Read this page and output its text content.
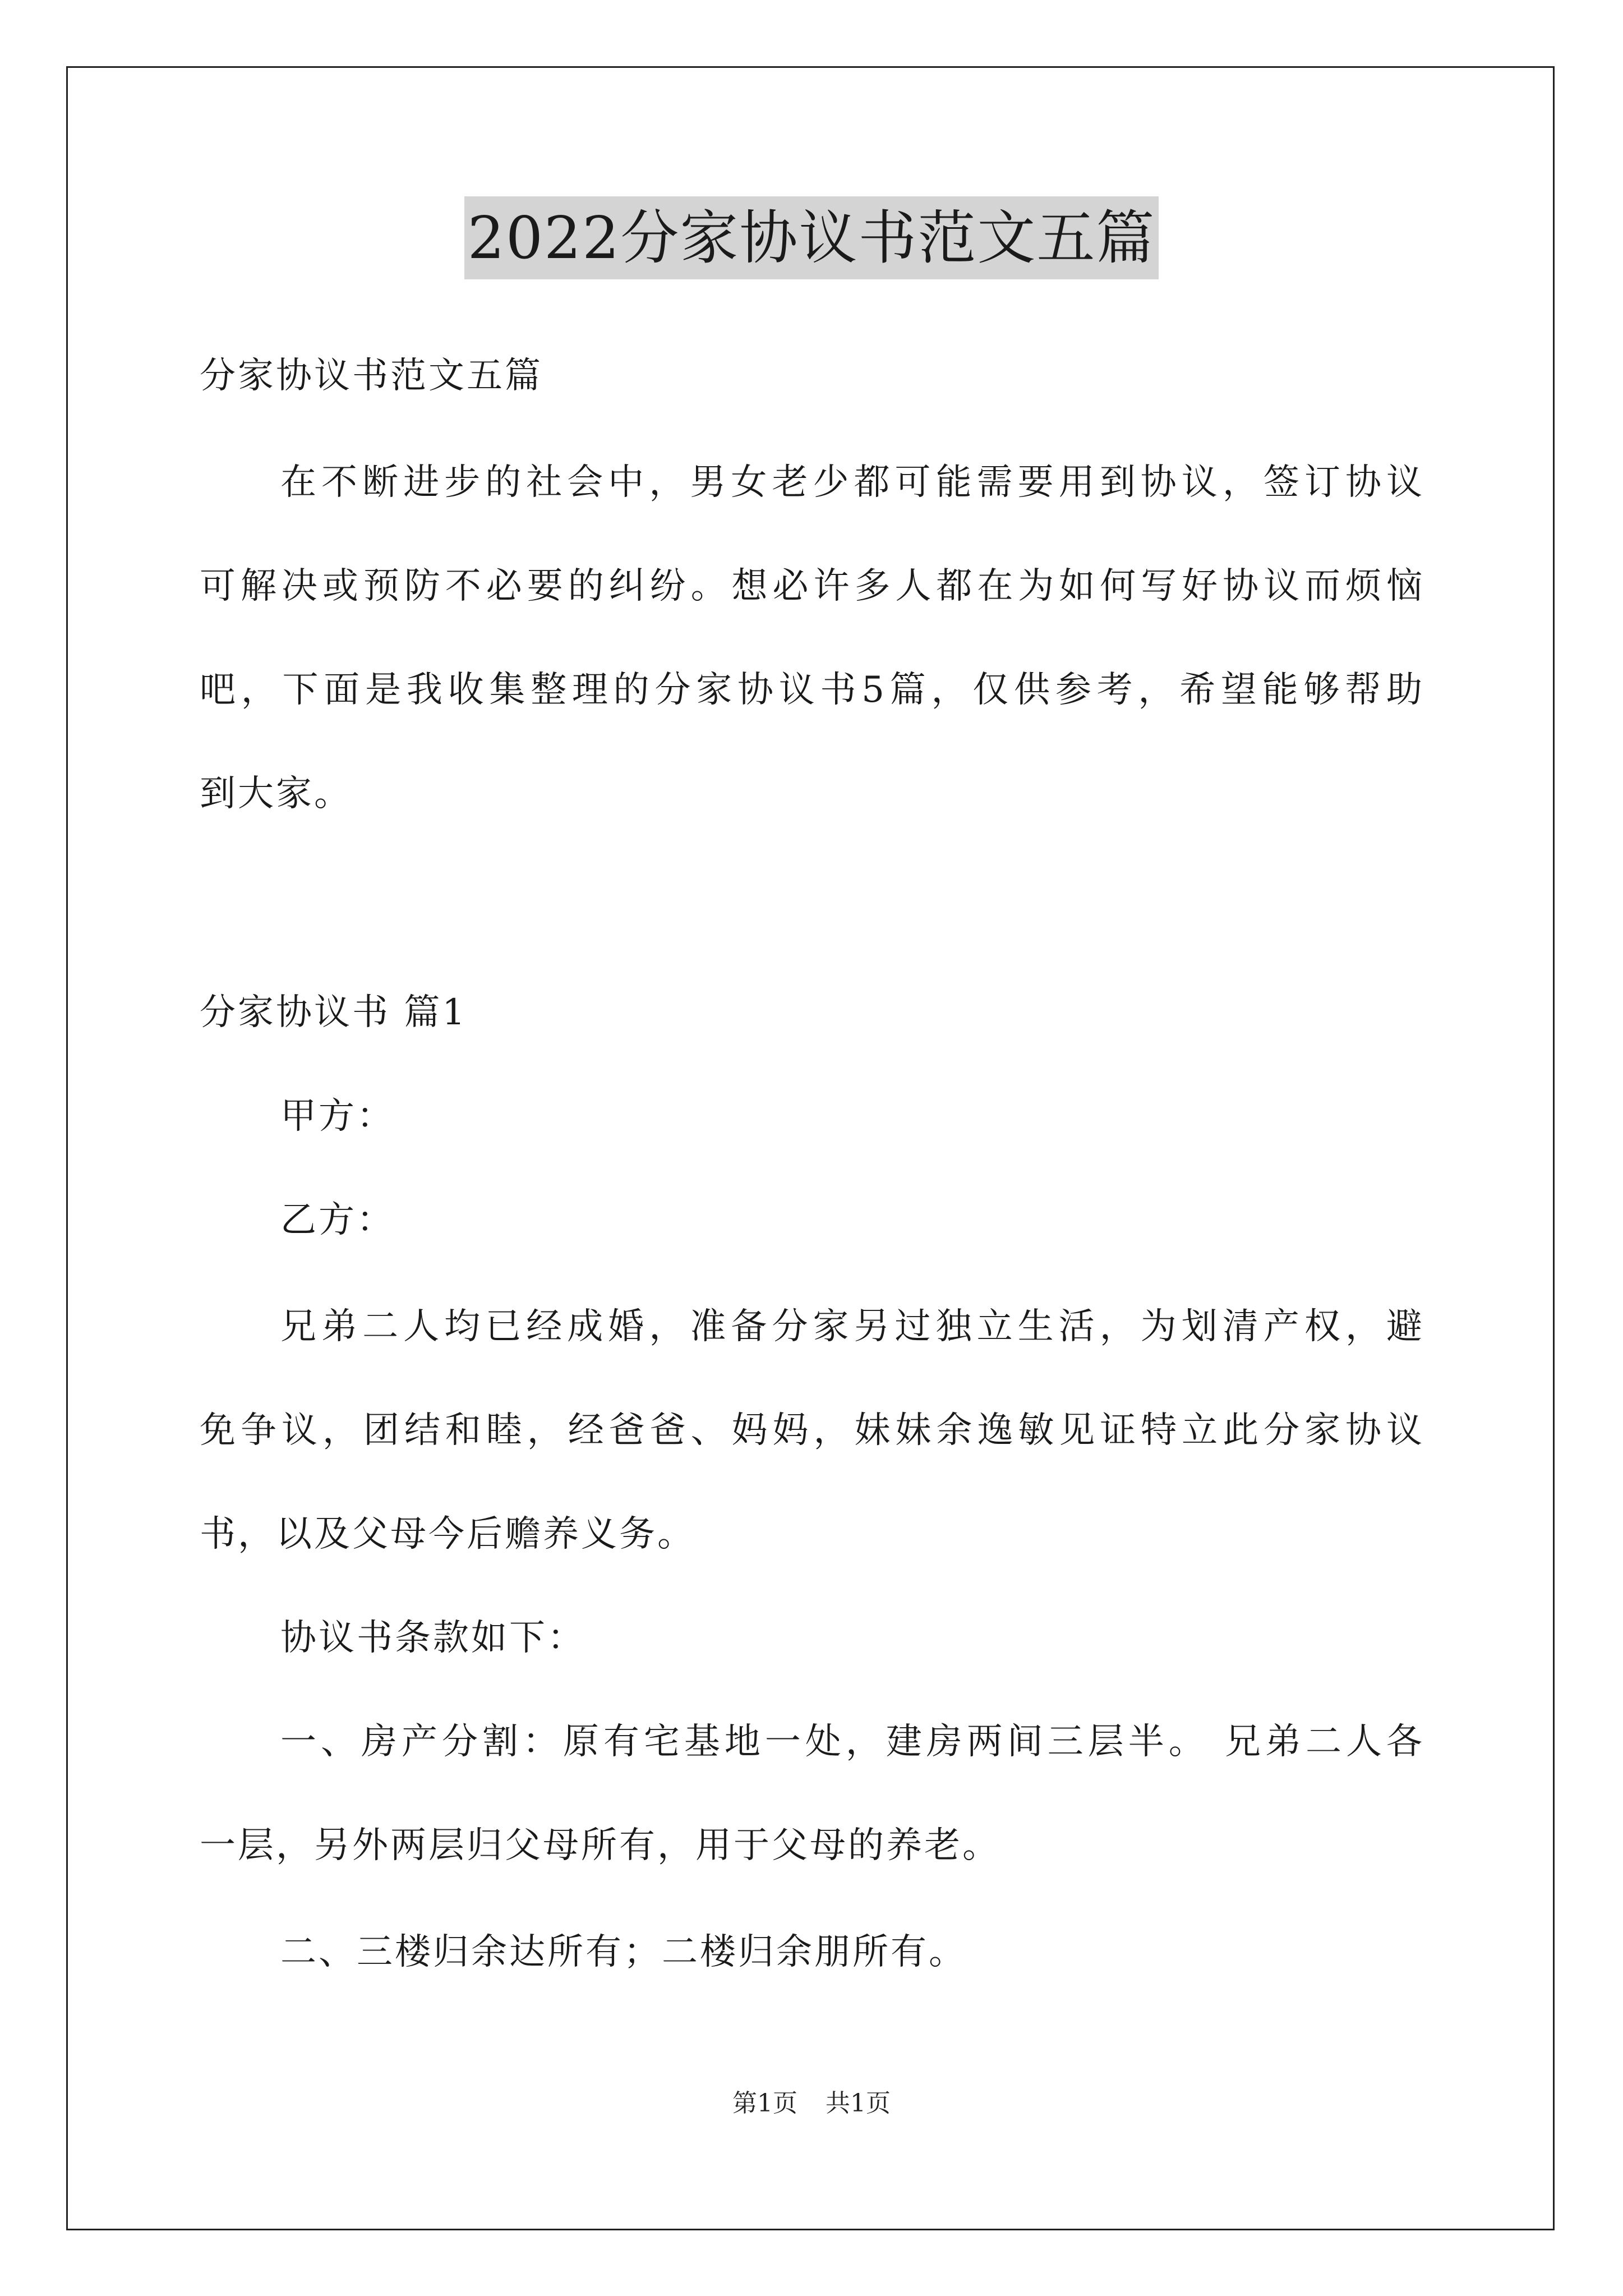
2022分家协议书范文五篇
分家协议书范文五篇
在不断进步的社会中，男女老少都可能需要用到协议，签订协议
可解决或预防不必要的纠纷。想必许多人都在为如何写好协议而烦恼
吧，下面是我收集整理的分家协议书5篇，仅供参考，希望能够帮助
到大家。
分家协议书 篇1
甲方：
乙方：
兄弟二人均已经成婚，准备分家另过独立生活，为划清产权，避
免争议，团结和睦，经爸爸、妈妈，妹妹余逸敏见证特立此分家协议
书，以及父母今后赡养义务。
协议书条款如下：
一、房产分割：原有宅基地一处，建房两间三层半。 兄弟二人各
一层，另外两层归父母所有，用于父母的养老。
二、三楼归余达所有；二楼归余朋所有。
第1页 共1页
